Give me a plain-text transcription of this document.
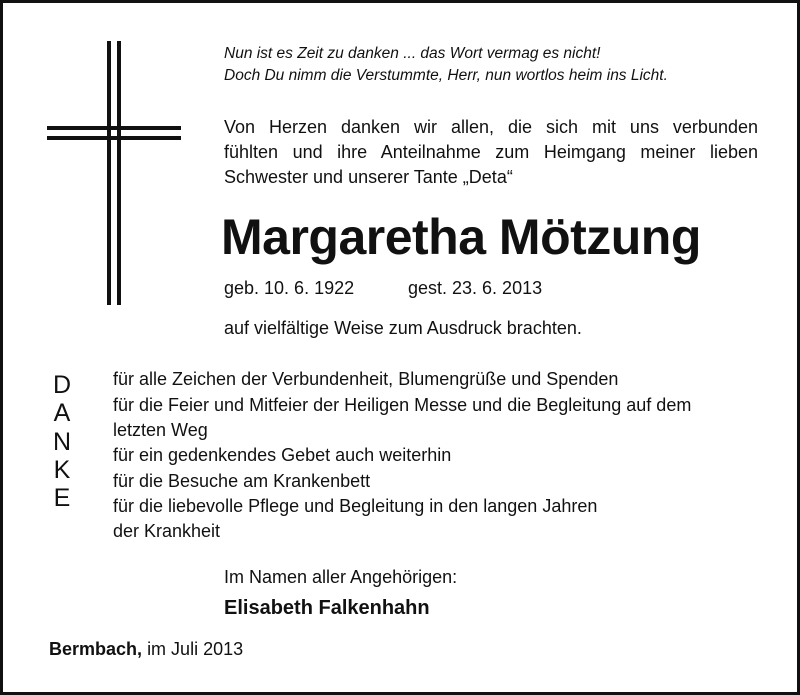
Nun ist es Zeit zu danken ... das Wort vermag es nicht!
Doch Du nimm die Verstummte, Herr, nun wortlos heim ins Licht.
Von Herzen danken wir allen, die sich mit uns verbunden
fühlten und ihre Anteilnahme zum Heimgang meiner lieben
Schwester und unserer Tante „Deta“
Margaretha Mötzung
geb. 10. 6. 1922	gest. 23. 6. 2013

auf vielfältige Weise zum Ausdruck brachten.

D
A
N
K
E
für alle Zeichen der Verbundenheit, Blumengrüße und Spenden
für die Feier und Mitfeier der Heiligen Messe und die Begleitung auf dem
letzten Weg
für ein gedenkendes Gebet auch weiterhin
für die Besuche am Krankenbett
für die liebevolle Pflege und Begleitung in den langen Jahren
der Krankheit

Im Namen aller Angehörigen:

Elisabeth Falkenhahn

Bermbach, im Juli 2013
